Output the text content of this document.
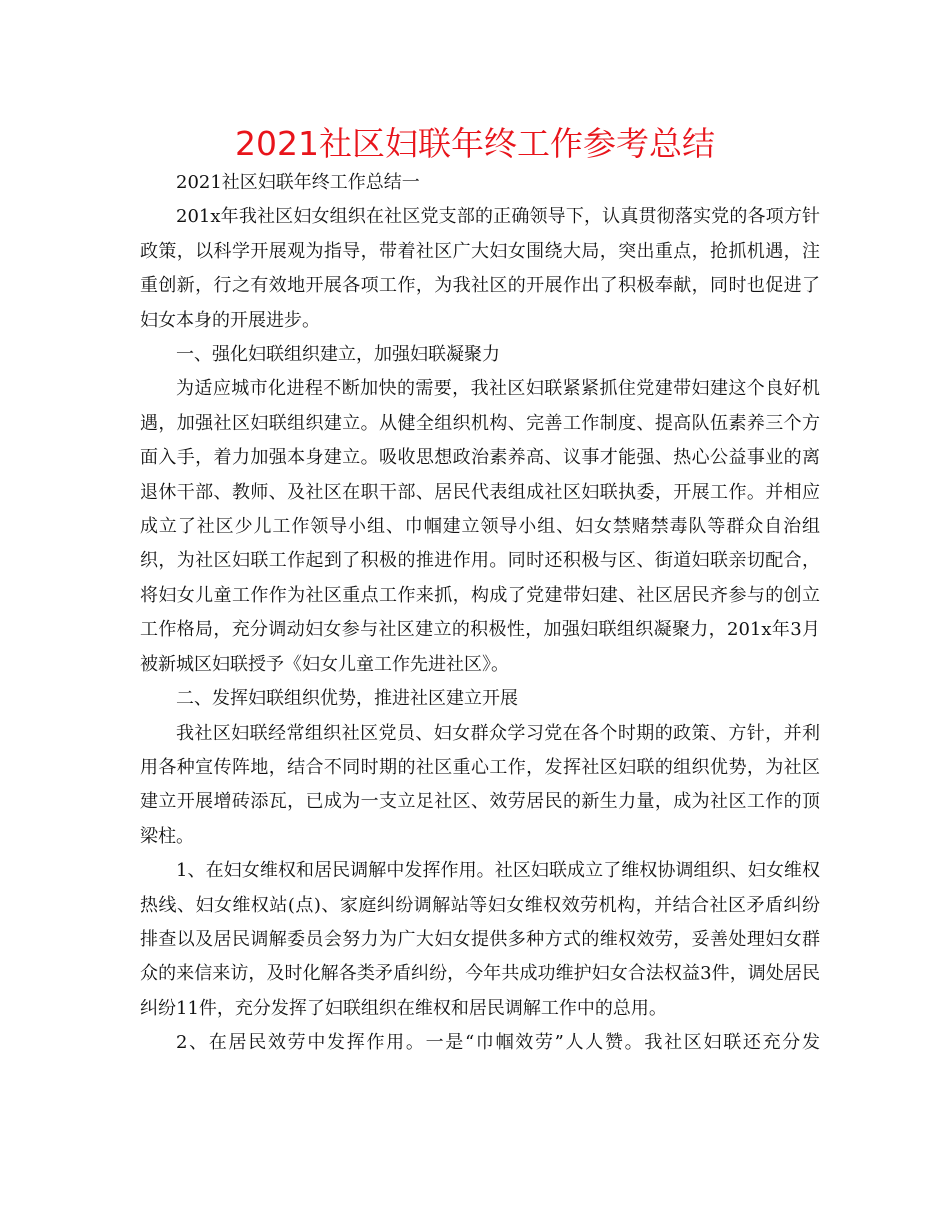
2021社区妇联年终工作参考总结

2021社区妇联年终工作总结一

201x年我社区妇女组织在社区党支部的正确领导下，认真贯彻落实党的各项方针政策，以科学开展观为指导，带着社区广大妇女围绕大局，突出重点，抢抓机遇，注重创新，行之有效地开展各项工作，为我社区的开展作出了积极奉献，同时也促进了妇女本身的开展进步。

一、强化妇联组织建立，加强妇联凝聚力

为适应城市化进程不断加快的需要，我社区妇联紧紧抓住党建带妇建这个良好机遇，加强社区妇联组织建立。从健全组织机构、完善工作制度、提高队伍素养三个方面入手，着力加强本身建立。吸收思想政治素养高、议事才能强、热心公益事业的离退休干部、教师、及社区在职干部、居民代表组成社区妇联执委，开展工作。并相应成立了社区少儿工作领导小组、巾帼建立领导小组、妇女禁赌禁毒队等群众自治组织，为社区妇联工作起到了积极的推进作用。同时还积极与区、街道妇联亲切配合，将妇女儿童工作作为社区重点工作来抓，构成了党建带妇建、社区居民齐参与的创立工作格局，充分调动妇女参与社区建立的积极性，加强妇联组织凝聚力，201x年3月被新城区妇联授予《妇女儿童工作先进社区》。

二、发挥妇联组织优势，推进社区建立开展

我社区妇联经常组织社区党员、妇女群众学习党在各个时期的政策、方针，并利用各种宣传阵地，结合不同时期的社区重心工作，发挥社区妇联的组织优势，为社区建立开展增砖添瓦，已成为一支立足社区、效劳居民的新生力量，成为社区工作的顶梁柱。

1、在妇女维权和居民调解中发挥作用。社区妇联成立了维权协调组织、妇女维权热线、妇女维权站(点)、家庭纠纷调解站等妇女维权效劳机构，并结合社区矛盾纠纷排查以及居民调解委员会努力为广大妇女提供多种方式的维权效劳，妥善处理妇女群众的来信来访，及时化解各类矛盾纠纷，今年共成功维护妇女合法权益3件，调处居民纠纷11件，充分发挥了妇联组织在维权和居民调解工作中的总用。

2、在居民效劳中发挥作用。一是“巾帼效劳”人人赞。我社区妇联还充分发
